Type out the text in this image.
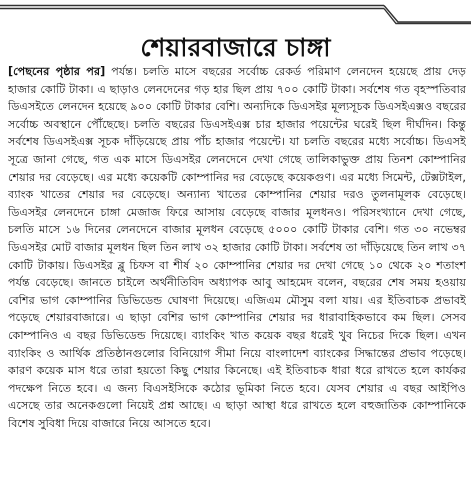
শেয়ারবাজারে চাঙ্গা
[পেছনের পৃষ্ঠার পর] পর্যন্ত। চলতি মাসে বছরের সর্বোচ্চ রেকর্ড পরিমাণ লেনদেন হয়েছে প্রায় দেড় হাজার কোটি টাকা। এ ছাড়াও লেনদেনের গড় হার ছিল প্রায় ৭০০ কোটি টাকা। সর্বশেষ গত বৃহস্পতিবার ডিএসইতে লেনদেন হয়েছে ৯০০ কোটি টাকার বেশি। অন্যদিকে ডিএসইর মূল্যসূচক ডিএসইএক্সও বছরের সর্বোচ্চ অবস্থানে পৌঁছেছে। চলতি বছরের ডিএসইএক্স চার হাজার পয়েন্টের ঘরেই ছিল দীর্ঘদিন। কিন্তু সর্বশেষ ডিএসইএক্স সূচক দাঁড়িয়েছে প্রায় পাঁচ হাজার পয়েন্টে। যা চলতি বছরের মধ্যে সর্বোচ্চ। ডিএসই সূত্রে জানা গেছে, গত এক মাসে ডিএসইর লেনদেনে দেখা গেছে তালিকাভুক্ত প্রায় তিনশ কোম্পানির শেয়ার দর বেড়েছে। এর মধ্যে কয়েকটি কোম্পানির দর বেড়েছে কয়েকগুণ। এর মধ্যে সিমেন্ট, টেক্সটাইল, ব্যাংক খাতের শেয়ার দর বেড়েছে। অন্যান্য খাতের কোম্পানির শেয়ার দরও তুলনামূলক বেড়েছে। ডিএসইর লেনদেনে চাঙ্গা মেজাজ ফিরে আসায় বেড়েছে বাজার মূলধনও। পরিসংখ্যানে দেখা গেছে, চলতি মাসে ১৬ দিনের লেনদেনে বাজার মূলধন বেড়েছে ৫০০০ কোটি টাকার বেশি। গত ৩০ নভেম্বর ডিএসইর মোট বাজার মূলধন ছিল তিন লাখ ৩২ হাজার কোটি টাকা। সর্বশেষ তা দাঁড়িয়েছে তিন লাখ ৩৭ কোটি টাকায়। ডিএসইর ব্লু চিফস বা শীর্ষ ২০ কোম্পানির শেয়ার দর দেখা গেছে ১০ থেকে ২০ শতাংশ পর্যন্ত বেড়েছে। জানতে চাইলে অর্থনীতিবিদ অধ্যাপক আবু আহমেদ বলেন, বছরের শেষ সময় হওয়ায় বেশির ভাগ কোম্পানির ডিভিডেন্ড ঘোষণা দিয়েছে। এজিএম মৌসুম বলা যায়। এর ইতিবাচক প্রভাবই পড়েছে শেয়ারবাজারে। এ ছাড়া বেশির ভাগ কোম্পানির শেয়ার দর ধারাবাহিকভাবে কম ছিল। সেসব কোম্পানিও এ বছর ডিভিডেন্ড দিয়েছে। ব্যাংকিং খাত কয়েক বছর ধরেই খুব নিচের দিকে ছিল। এখন ব্যাংকিং ও আর্থিক প্রতিষ্ঠানগুলোর বিনিয়োগ সীমা নিয়ে বাংলাদেশ ব্যাংকের সিদ্ধান্তের প্রভাব পড়েছে। কারণ কয়েক মাস ধরে তারা হয়তো কিছু শেয়ার কিনেছে। এই ইতিবাচক ধারা ধরে রাখতে হলে কার্যকর পদক্ষেপ নিতে হবে। এ জন্য বিএসইসিকে কঠোর ভূমিকা নিতে হবে। যেসব শেয়ার এ বছর আইপিও এসেছে তার অনেকগুলো নিয়েই প্রশ্ন আছে। এ ছাড়া আস্থা ধরে রাখতে হলে বহুজাতিক কোম্পানিকে বিশেষ সুবিধা দিয়ে বাজারে নিয়ে আসতে হবে।
